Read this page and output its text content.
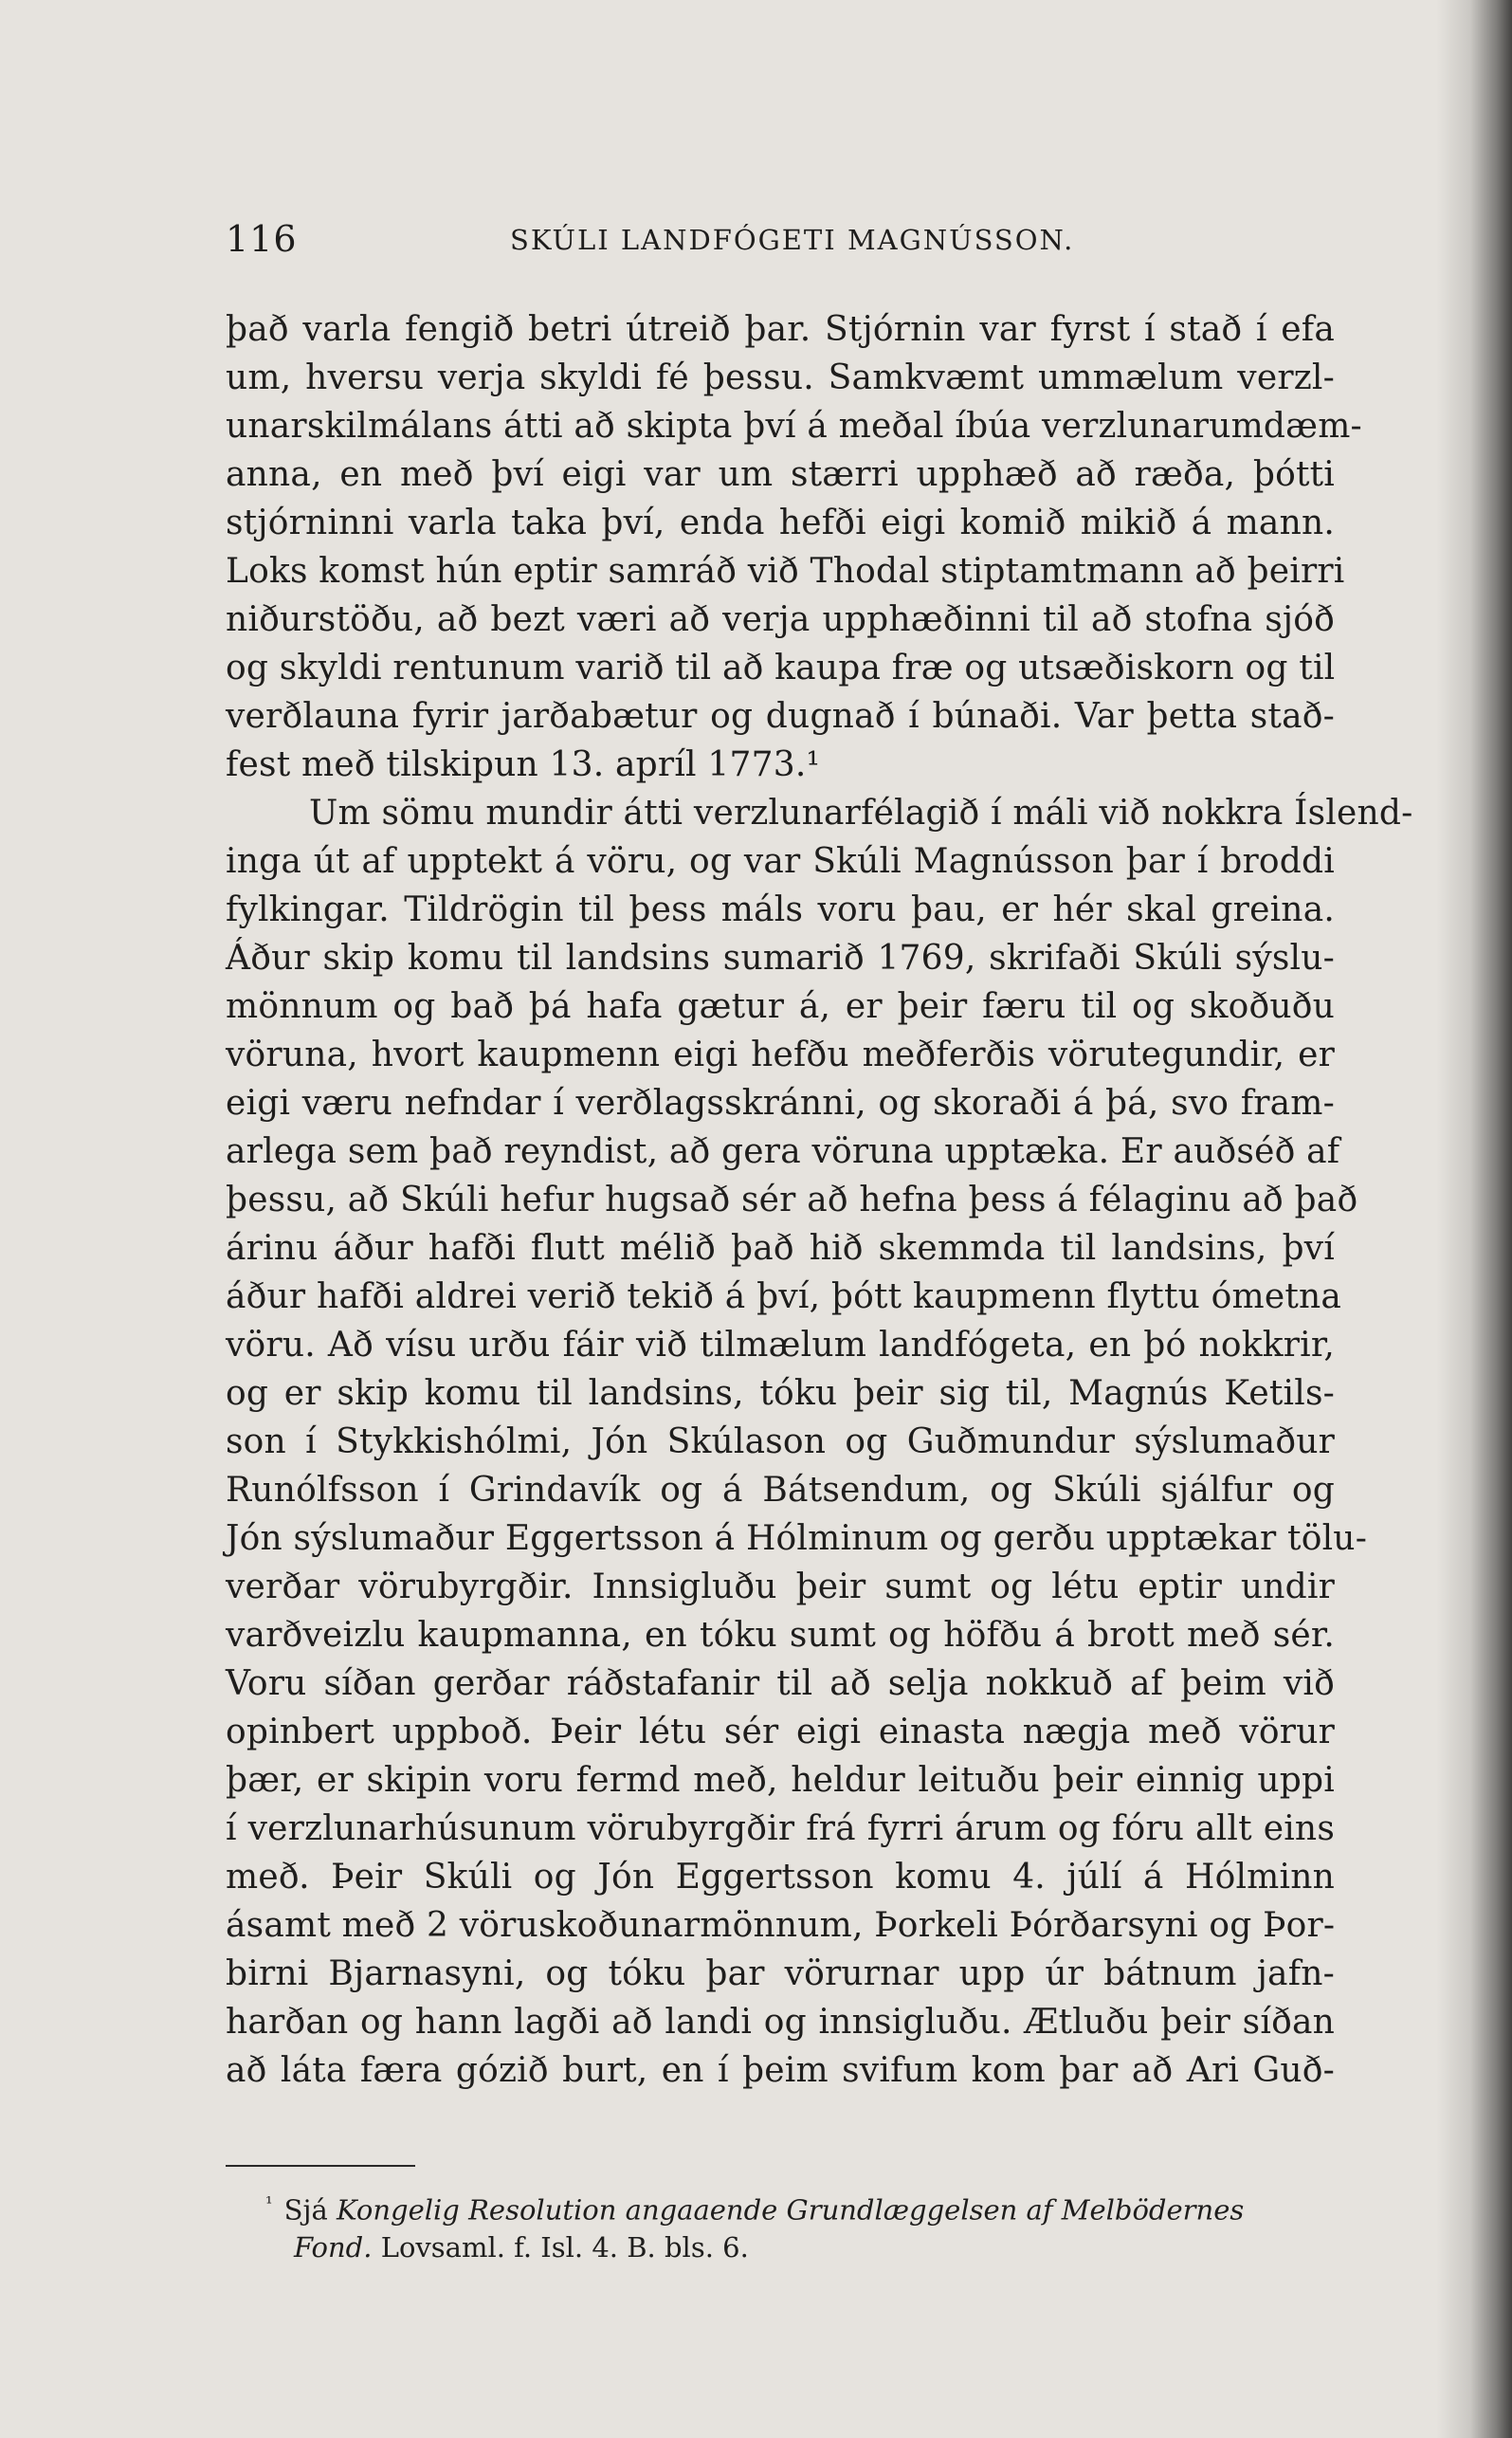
116	SKÚLI LANDFÓGETI MAGNÚSSON.
það varla fengið betri útreið þar. Stjórnin var fyrst í stað í efa
um, hversu verja skyldi fé þessu. Samkvæmt ummælum verzl-
unarskilmálans átti að skipta því á meðal íbúa verzlunarumdæm-
anna, en með því eigi var um stærri upphæð að ræða, þótti
stjórninni varla taka því, enda hefði eigi komið mikið á mann.
Loks komst hún eptir samráð við Thodal stiptamtmann að þeirri
niðurstöðu, að bezt væri að verja upphæðinni til að stofna sjóð
og skyldi rentunum varið til að kaupa fræ og utsæðiskorn og til
verðlauna fyrir jarðabætur og dugnað í búnaði. Var þetta stað-
fest með tilskipun 13. apríl 1773.¹
Um sömu mundir átti verzlunarfélagið í máli við nokkra Íslend-
inga út af upptekt á vöru, og var Skúli Magnússon þar í broddi
fylkingar. Tildrögin til þess máls voru þau, er hér skal greina.
Áður skip komu til landsins sumarið 1769, skrifaði Skúli sýslu-
mönnum og bað þá hafa gætur á, er þeir færu til og skoðuðu
vöruna, hvort kaupmenn eigi hefðu meðferðis vörutegundir, er
eigi væru nefndar í verðlagsskránni, og skoraði á þá, svo fram-
arlega sem það reyndist, að gera vöruna upptæka. Er auðséð af
þessu, að Skúli hefur hugsað sér að hefna þess á félaginu að það
árinu áður hafði flutt mélið það hið skemmda til landsins, því
áður hafði aldrei verið tekið á því, þótt kaupmenn flyttu ómetna
vöru. Að vísu urðu fáir við tilmælum landfógeta, en þó nokkrir,
og er skip komu til landsins, tóku þeir sig til, Magnús Ketils-
son í Stykkishólmi, Jón Skúlason og Guðmundur sýslumaður
Runólfsson í Grindavík og á Bátsendum, og Skúli sjálfur og
Jón sýslumaður Eggertsson á Hólminum og gerðu upptækar tölu-
verðar vörubyrgðir. Innsigluðu þeir sumt og létu eptir undir
varðveizlu kaupmanna, en tóku sumt og höfðu á brott með sér.
Voru síðan gerðar ráðstafanir til að selja nokkuð af þeim við
opinbert uppboð. Þeir létu sér eigi einasta nægja með vörur
þær, er skipin voru fermd með, heldur leituðu þeir einnig uppi
í verzlunarhúsunum vörubyrgðir frá fyrri árum og fóru allt eins
með. Þeir Skúli og Jón Eggertsson komu 4. júlí á Hólminn
ásamt með 2 vöruskoðunarmönnum, Þorkeli Þórðarsyni og Þor-
birni Bjarnasyni, og tóku þar vörurnar upp úr bátnum jafn-
harðan og hann lagði að landi og innsigluðu. Ætluðu þeir síðan
að láta færa gózið burt, en í þeim svifum kom þar að Ari Guð-
$^{^1}$ Sjá Kongelig Resolution angaaende Grundlæggelsen af Melbödernes
Fond. Lovsaml. f. Isl. 4. B. bls. 6.
